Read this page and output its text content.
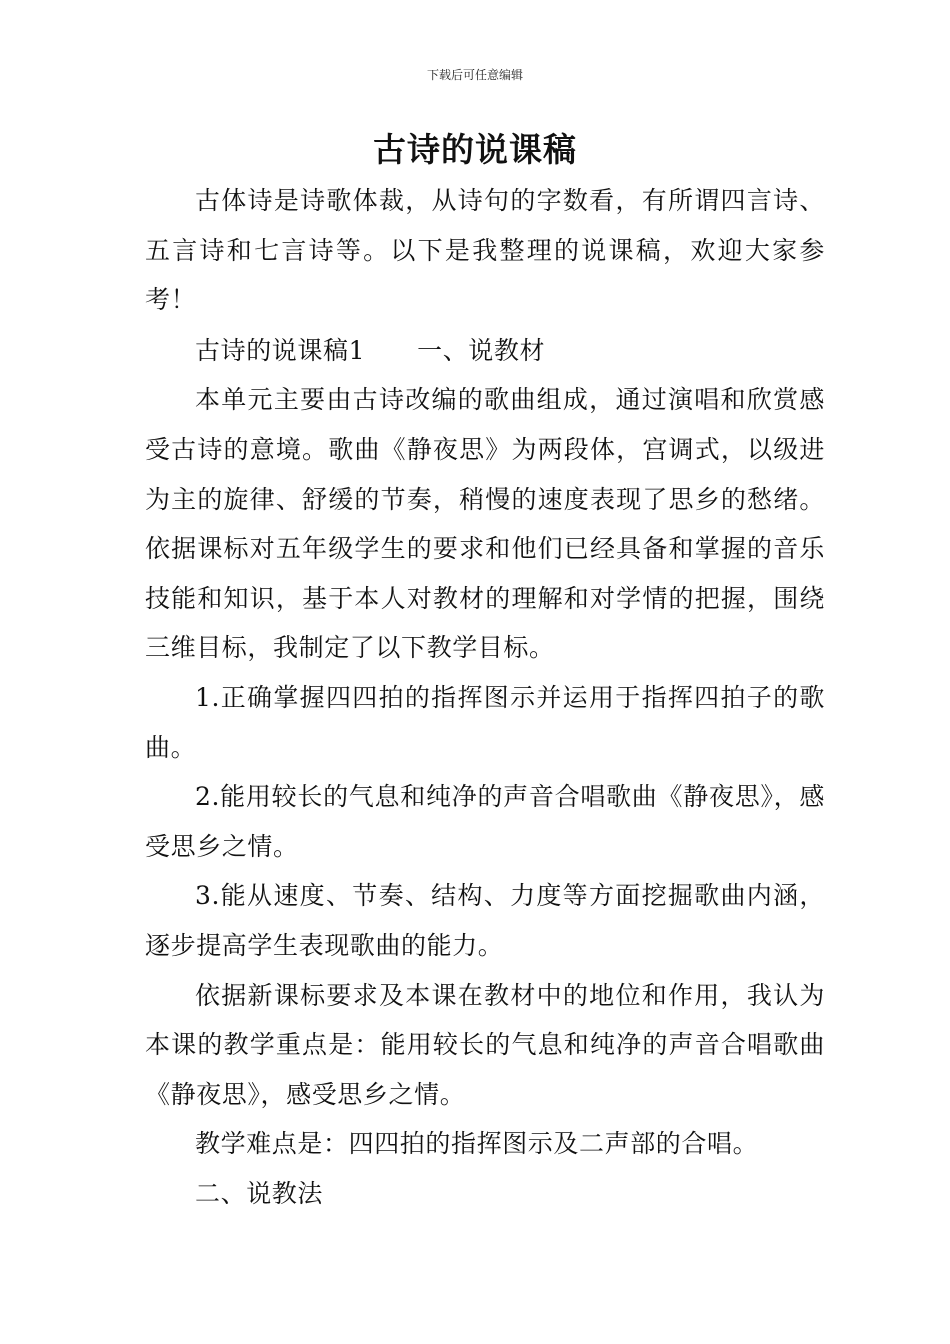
下载后可任意编辑
古诗的说课稿

古体诗是诗歌体裁，从诗句的字数看，有所谓四言诗、五言诗和七言诗等。以下是我整理的说课稿，欢迎大家参考！

古诗的说课稿1 一、说教材

本单元主要由古诗改编的歌曲组成，通过演唱和欣赏感受古诗的意境。歌曲《静夜思》为两段体，宫调式，以级进为主的旋律、舒缓的节奏，稍慢的速度表现了思乡的愁绪。依据课标对五年级学生的要求和他们已经具备和掌握的音乐技能和知识，基于本人对教材的理解和对学情的把握，围绕三维目标，我制定了以下教学目标。

1.正确掌握四四拍的指挥图示并运用于指挥四拍子的歌曲。

2.能用较长的气息和纯净的声音合唱歌曲《静夜思》，感受思乡之情。

3.能从速度、节奏、结构、力度等方面挖掘歌曲内涵，逐步提高学生表现歌曲的能力。

依据新课标要求及本课在教材中的地位和作用，我认为本课的教学重点是：能用较长的气息和纯净的声音合唱歌曲《静夜思》，感受思乡之情。

教学难点是：四四拍的指挥图示及二声部的合唱。

二、说教法
